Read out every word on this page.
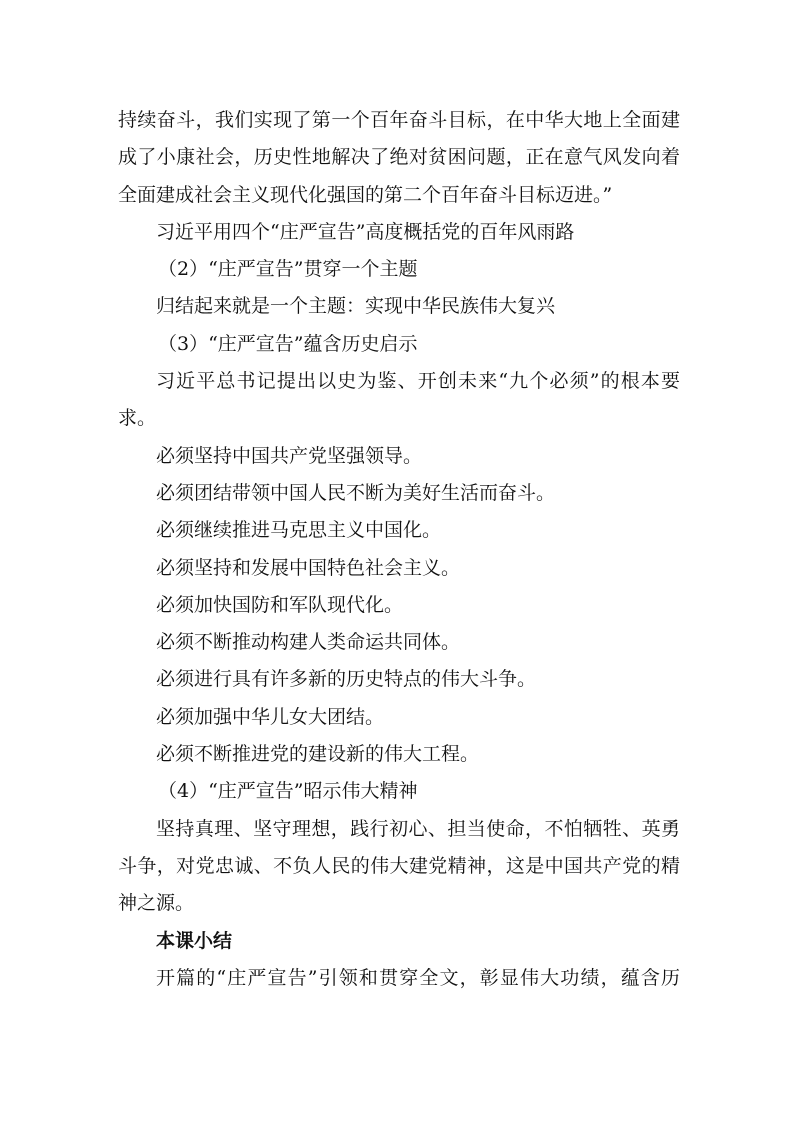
持续奋斗，我们实现了第一个百年奋斗目标，在中华大地上全面建
成了小康社会，历史性地解决了绝对贫困问题，正在意气风发向着
全面建成社会主义现代化强国的第二个百年奋斗目标迈进。”
习近平用四个“庄严宣告”高度概括党的百年风雨路
（2）“庄严宣告”贯穿一个主题
归结起来就是一个主题：实现中华民族伟大复兴
（3）“庄严宣告”蕴含历史启示
习近平总书记提出以史为鉴、开创未来“九个必须”的根本要
求。
必须坚持中国共产党坚强领导。
必须团结带领中国人民不断为美好生活而奋斗。
必须继续推进马克思主义中国化。
必须坚持和发展中国特色社会主义。
必须加快国防和军队现代化。
必须不断推动构建人类命运共同体。
必须进行具有许多新的历史特点的伟大斗争。
必须加强中华儿女大团结。
必须不断推进党的建设新的伟大工程。
（4）“庄严宣告”昭示伟大精神
坚持真理、坚守理想，践行初心、担当使命，不怕牺牲、英勇
斗争，对党忠诚、不负人民的伟大建党精神，这是中国共产党的精
神之源。
本课小结
开篇的“庄严宣告”引领和贯穿全文，彰显伟大功绩，蕴含历
